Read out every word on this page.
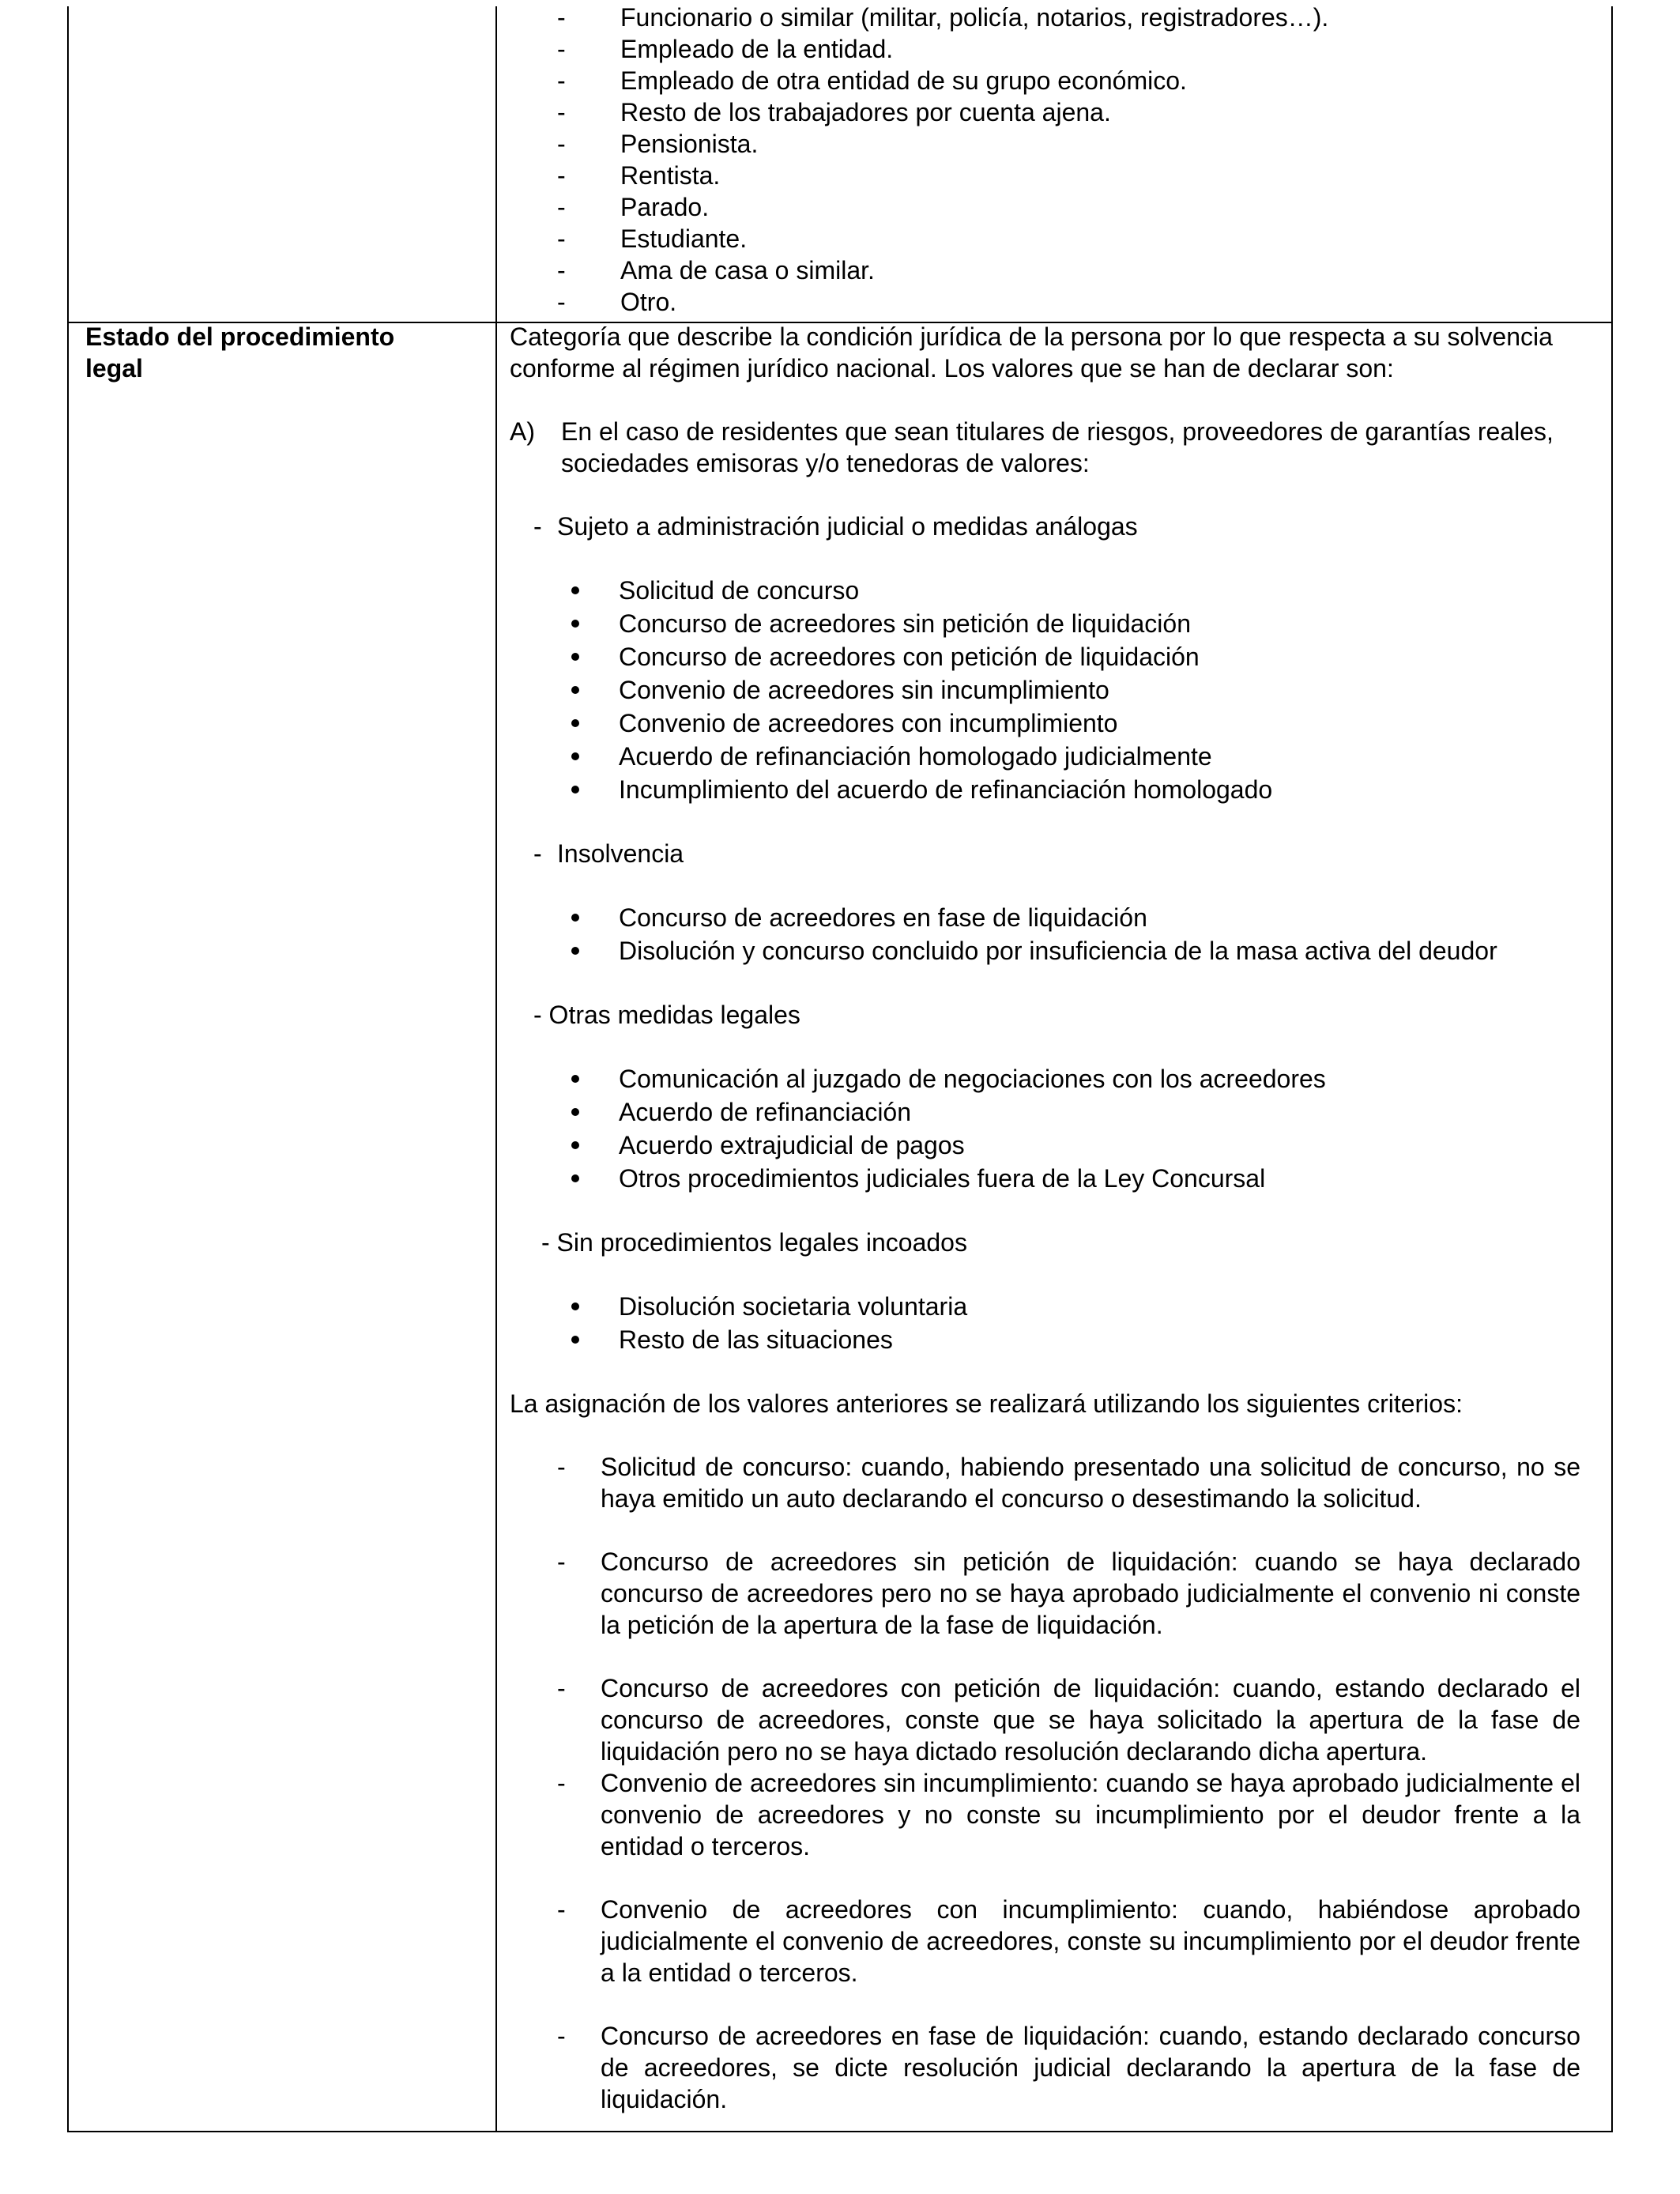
- Funcionario o similar (militar, policía, notarios, registradores…).
- Empleado de la entidad.
- Empleado de otra entidad de su grupo económico.
- Resto de los trabajadores por cuenta ajena.
- Pensionista.
- Rentista.
- Parado.
- Estudiante.
- Ama de casa o similar.
- Otro.
Estado del procedimiento
legal

Categoría que describe la condición jurídica de la persona por lo que respecta a su solvencia conforme al régimen jurídico nacional. Los valores que se han de declarar son:

A) En el caso de residentes que sean titulares de riesgos, proveedores de garantías reales, sociedades emisoras y/o tenedoras de valores:
- Sujeto a administración judicial o medidas análogas
Solicitud de concurso
Concurso de acreedores sin petición de liquidación
Concurso de acreedores con petición de liquidación
Convenio de acreedores sin incumplimiento
Convenio de acreedores con incumplimiento
Acuerdo de refinanciación homologado judicialmente
Incumplimiento del acuerdo de refinanciación homologado
- Insolvencia
Concurso de acreedores en fase de liquidación
Disolución y concurso concluido por insuficiencia de la masa activa del deudor
- Otras medidas legales
Comunicación al juzgado de negociaciones con los acreedores
Acuerdo de refinanciación
Acuerdo extrajudicial de pagos
Otros procedimientos judiciales fuera de la Ley Concursal
- Sin procedimientos legales incoados
Disolución societaria voluntaria
Resto de las situaciones

La asignación de los valores anteriores se realizará utilizando los siguientes criterios:

- Solicitud de concurso: cuando, habiendo presentado una solicitud de concurso, no se haya emitido un auto declarando el concurso o desestimando la solicitud.
- Concurso de acreedores sin petición de liquidación: cuando se haya declarado concurso de acreedores pero no se haya aprobado judicialmente el convenio ni conste la petición de la apertura de la fase de liquidación.
- Concurso de acreedores con petición de liquidación: cuando, estando declarado el concurso de acreedores, conste que se haya solicitado la apertura de la fase de liquidación pero no se haya dictado resolución declarando dicha apertura.
- Convenio de acreedores sin incumplimiento: cuando se haya aprobado judicialmente el convenio de acreedores y no conste su incumplimiento por el deudor frente a la entidad o terceros.
- Convenio de acreedores con incumplimiento: cuando, habiéndose aprobado judicialmente el convenio de acreedores, conste su incumplimiento por el deudor frente a la entidad o terceros.
- Concurso de acreedores en fase de liquidación: cuando, estando declarado concurso de acreedores, se dicte resolución judicial declarando la apertura de la fase de liquidación.
